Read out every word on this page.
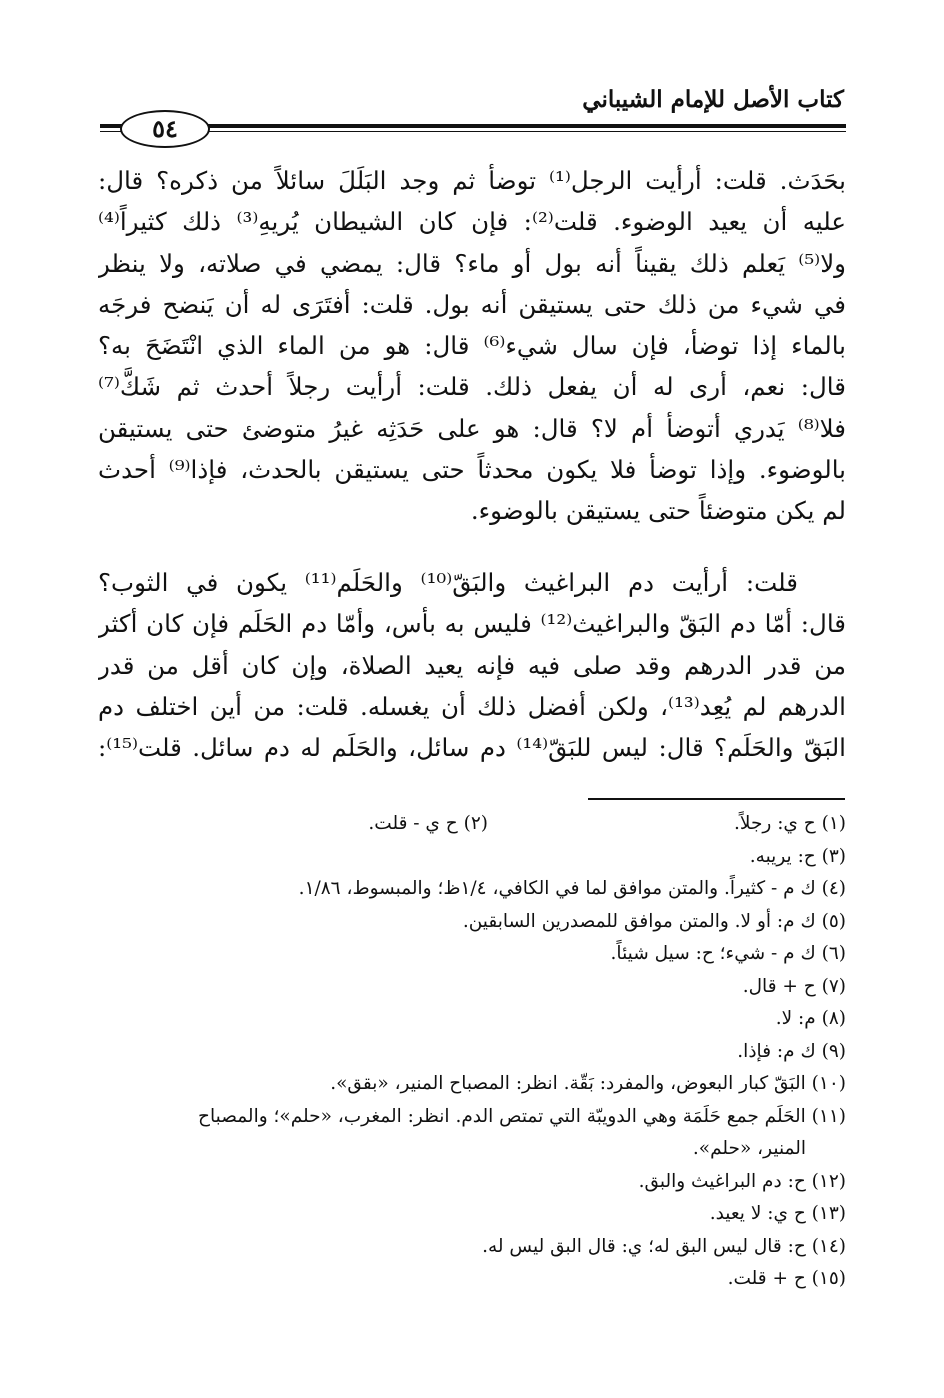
كتاب الأصل للإمام الشيباني
٥٤
بحَدَث. قلت: أرأيت الرجل⁽¹⁾ توضأ ثم وجد البَلَلَ سائلاً من ذكره؟ قال:
عليه أن يعيد الوضوء. قلت⁽²⁾: فإن كان الشيطان يُريهِ⁽³⁾ ذلك كثيراً⁽⁴⁾
ولا⁽⁵⁾ يَعلم ذلك يقيناً أنه بول أو ماء؟ قال: يمضي في صلاته، ولا ينظر
في شيء من ذلك حتى يستيقن أنه بول. قلت: أفتَرَى له أن يَنضح فرجَه
بالماء إذا توضأ، فإن سال شيء⁽⁶⁾ قال: هو من الماء الذي انْتَضَحَ به؟
قال: نعم، أرى له أن يفعل ذلك. قلت: أرأيت رجلاً أحدث ثم شَكَّ⁽⁷⁾
فلا⁽⁸⁾ يَدري أتوضأ أم لا؟ قال: هو على حَدَثِه غيرُ متوضئ حتى يستيقن
بالوضوء. وإذا توضأ فلا يكون محدثاً حتى يستيقن بالحدث، فإذا⁽⁹⁾ أحدث
لم يكن متوضئاً حتى يستيقن بالوضوء.
قلت: أرأيت دم البراغيث والبَقّ⁽¹⁰⁾ والحَلَم⁽¹¹⁾ يكون في الثوب؟
قال: أمّا دم البَقّ والبراغيث⁽¹²⁾ فليس به بأس، وأمّا دم الحَلَم فإن كان أكثر
من قدر الدرهم وقد صلى فيه فإنه يعيد الصلاة، وإن كان أقل من قدر
الدرهم لم يُعِد⁽¹³⁾، ولكن أفضل ذلك أن يغسله. قلت: من أين اختلف دم
البَقّ والحَلَم؟ قال: ليس للبَقّ⁽¹⁴⁾ دم سائل، والحَلَم له دم سائل. قلت⁽¹⁵⁾:
(١) ح ي: رجلاً.
(٢) ح ي - قلت.
(٣) ح: يريبه.
(٤) ك م - كثيراً. والمتن موافق لما في الكافي، ١/٤ظ؛ والمبسوط، ١/٨٦.
(٥) ك م: أو لا. والمتن موافق للمصدرين السابقين.
(٦) ك م - شيء؛ ح: سيل شيئاً.
(٧) ح + قال.
(٨) م: لا.
(٩) ك م: فإذا.
(١٠) البَقّ كبار البعوض، والمفرد: بَقّة. انظر: المصباح المنير، «بقق».
(١١) الحَلَم جمع حَلَمَة وهي الدويبّة التي تمتص الدم. انظر: المغرب، «حلم»؛ والمصباح
المنير، «حلم».
(١٢) ح: دم البراغيث والبق.
(١٣) ح ي: لا يعيد.
(١٤) ح: قال ليس البق له؛ ي: قال البق ليس له.
(١٥) ح + قلت.
